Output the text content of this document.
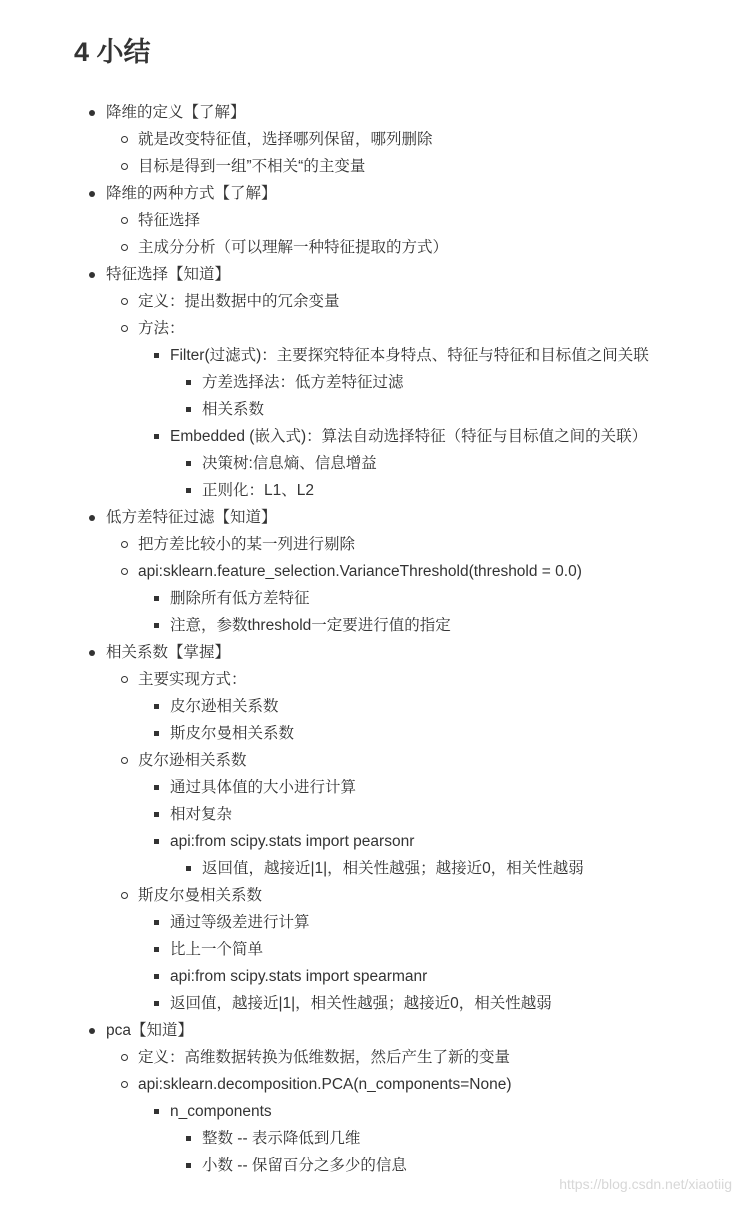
4 小结
降维的定义【了解】
就是改变特征值，选择哪列保留，哪列删除
目标是得到一组”不相关“的主变量
降维的两种方式【了解】
特征选择
主成分分析（可以理解一种特征提取的方式）
特征选择【知道】
定义：提出数据中的冗余变量
方法：
Filter(过滤式)：主要探究特征本身特点、特征与特征和目标值之间关联
方差选择法：低方差特征过滤
相关系数
Embedded (嵌入式)：算法自动选择特征（特征与目标值之间的关联）
决策树:信息熵、信息增益
正则化：L1、L2
低方差特征过滤【知道】
把方差比较小的某一列进行剔除
api:sklearn.feature_selection.VarianceThreshold(threshold = 0.0)
删除所有低方差特征
注意，参数threshold一定要进行值的指定
相关系数【掌握】
主要实现方式：
皮尔逊相关系数
斯皮尔曼相关系数
皮尔逊相关系数
通过具体值的大小进行计算
相对复杂
api:from scipy.stats import pearsonr
返回值，越接近|1|，相关性越强；越接近0，相关性越弱
斯皮尔曼相关系数
通过等级差进行计算
比上一个简单
api:from scipy.stats import spearmanr
返回值，越接近|1|，相关性越强；越接近0，相关性越弱
pca【知道】
定义：高维数据转换为低维数据，然后产生了新的变量
api:sklearn.decomposition.PCA(n_components=None)
n_components
整数 -- 表示降低到几维
小数 -- 保留百分之多少的信息
https://blog.csdn.net/xiaotiig
